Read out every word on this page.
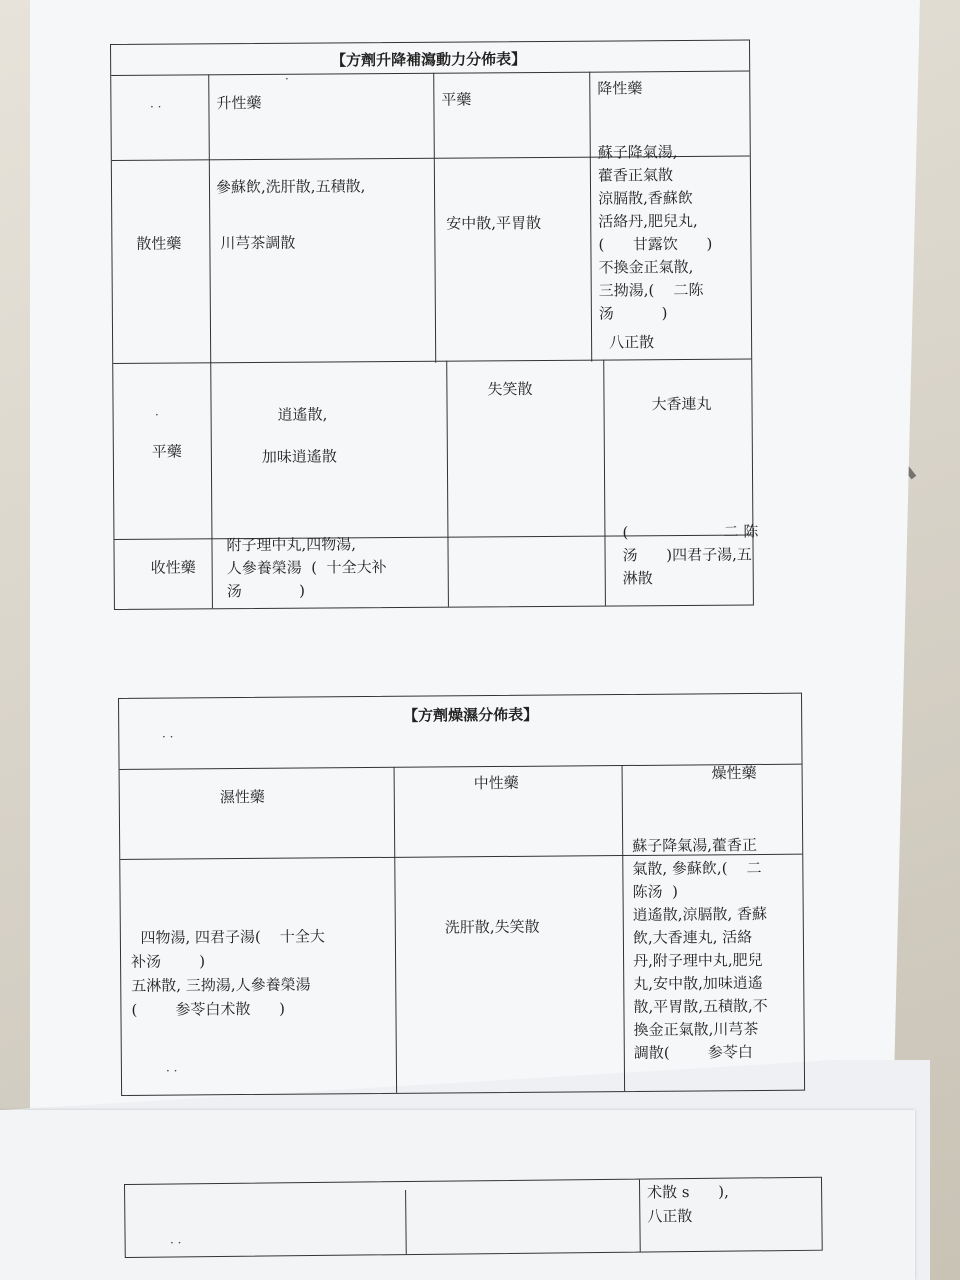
【方劑升降補瀉動力分佈表】
升性藥	平藥
降性藥
散性藥
平藥
收性藥
參蘇飲,洗肝散,五積散,
川芎茶調散
安中散,平胃散
蘇子降氣湯,
藿香正氣散
涼膈散,香蘇飲
活絡丹,肥兒丸,
(      甘露饮      )
不換金正氣散,
三拗湯,(    二陈
汤          )
八正散
逍遙散,
加味逍遙散
失笑散
大香連丸
附子理中丸,四物湯,
人參養榮湯  (  十全大补
汤            )
(                    二 陈
汤      )四君子湯,五
淋散
· ·
·
·
【方劑燥濕分佈表】
濕性藥
中性藥
燥性藥
四物湯, 四君子湯(    十全大
补汤        )
五淋散, 三拗湯,人參養榮湯
(        参苓白术散      )
洗肝散,失笑散
蘇子降氣湯,藿香正
氣散, 參蘇飲,(    二
陈汤  )
逍遙散,涼膈散, 香蘇
飲,大香連丸, 活絡
丹,附子理中丸,肥兒
丸,安中散,加味逍遙
散,平胃散,五積散,不
換金正氣散,川芎茶
調散(        参苓白
· ·
· ·
术散 s      ),
八正散
· ·
